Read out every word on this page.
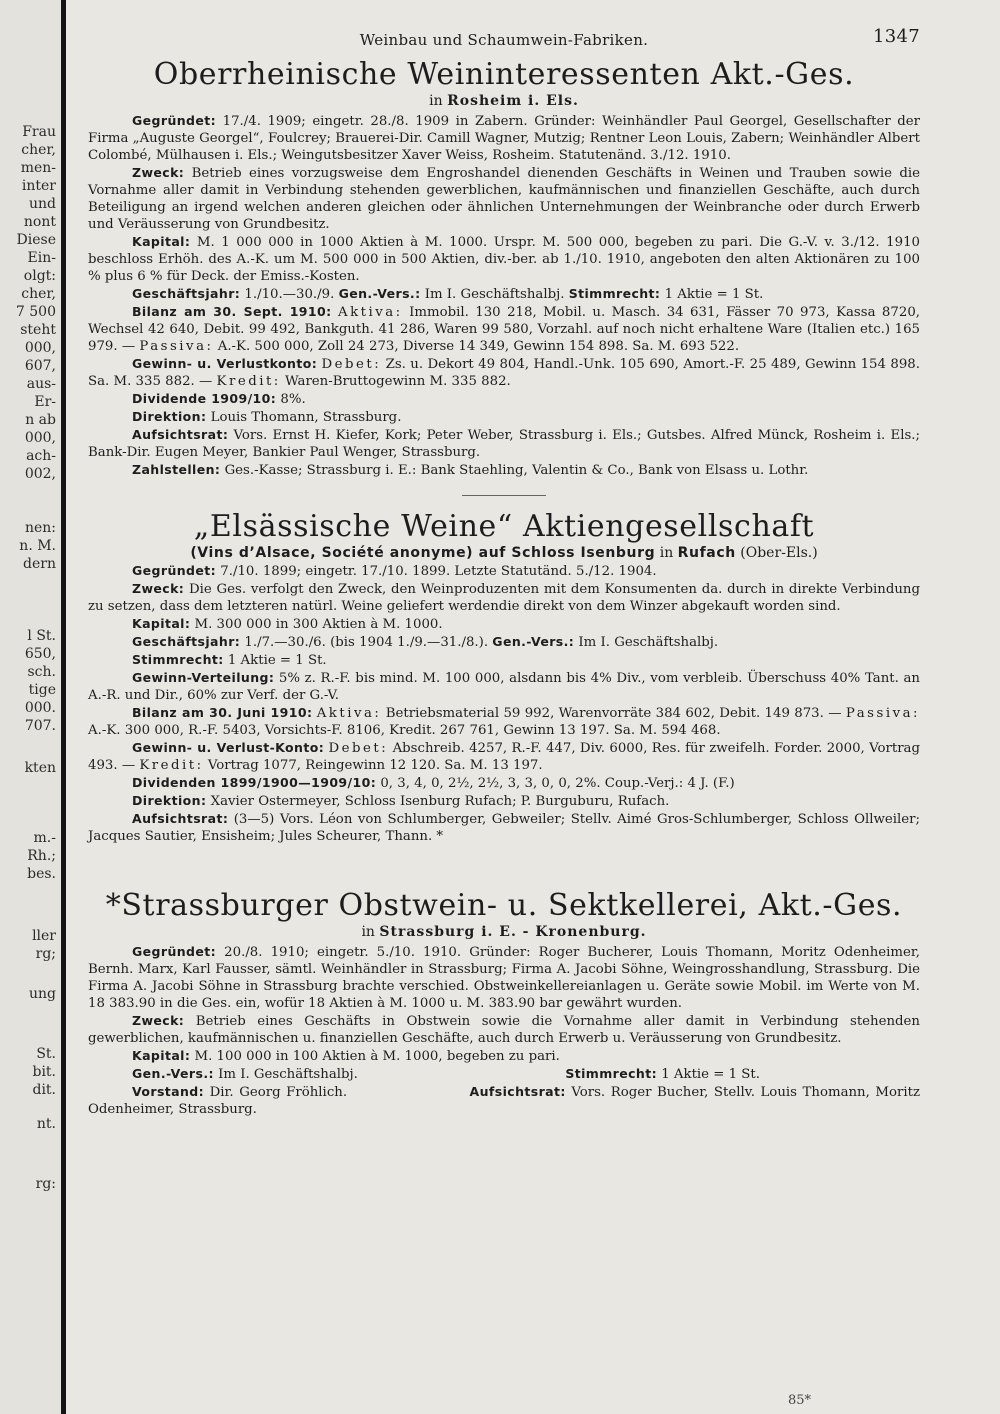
Frau
cher,
men-
inter
und
nont
Diese
Ein-
olgt:
cher,
7 500
steht
000,
607,
aus-
Er-
n ab
000,
ach-
002,
nen:
n. M.
dern
l St.
650,
sch.
tige
000.
707.
kten
m.-
Rh.;
bes.
ller
rg;
ung
St.
bit.
dit.
nt.
rg:
Weinbau und Schaumwein-Fabriken.	1347
Oberrheinische Weininteressenten Akt.-Ges.
in Rosheim i. Els.

Gegründet: 17./4. 1909; eingetr. 28./8. 1909 in Zabern. Gründer: Weinhändler Paul Georgel, Gesellschafter der Firma „Auguste Georgel“, Foulcrey; Brauerei-Dir. Camill Wagner, Mutzig; Rentner Leon Louis, Zabern; Weinhändler Albert Colombé, Mülhausen i. Els.; Weingutsbesitzer Xaver Weiss, Rosheim. Statutenänd. 3./12. 1910.

Zweck: Betrieb eines vorzugsweise dem Engroshandel dienenden Geschäfts in Weinen und Trauben sowie die Vornahme aller damit in Verbindung stehenden gewerblichen, kaufmännischen und finanziellen Geschäfte, auch durch Beteiligung an irgend welchen anderen gleichen oder ähnlichen Unternehmungen der Weinbranche oder durch Erwerb und Veräusserung von Grundbesitz.

Kapital: M. 1 000 000 in 1000 Aktien à M. 1000. Urspr. M. 500 000, begeben zu pari. Die G.-V. v. 3./12. 1910 beschloss Erhöh. des A.-K. um M. 500 000 in 500 Aktien, div.-ber. ab 1./10. 1910, angeboten den alten Aktionären zu 100 % plus 6 % für Deck. der Emiss.-Kosten.

Geschäftsjahr: 1./10.—30./9. Gen.-Vers.: Im I. Geschäftshalbj. Stimmrecht: 1 Aktie = 1 St.

Bilanz am 30. Sept. 1910: Aktiva: Immobil. 130 218, Mobil. u. Masch. 34 631, Fässer 70 973, Kassa 8720, Wechsel 42 640, Debit. 99 492, Bankguth. 41 286, Waren 99 580, Vorzahl. auf noch nicht erhaltene Ware (Italien etc.) 165 979. — Passiva: A.-K. 500 000, Zoll 24 273, Diverse 14 349, Gewinn 154 898. Sa. M. 693 522.

Gewinn- u. Verlustkonto: Debet: Zs. u. Dekort 49 804, Handl.-Unk. 105 690, Amort.-F. 25 489, Gewinn 154 898. Sa. M. 335 882. — Kredit: Waren-Bruttogewinn M. 335 882.

Dividende 1909/10: 8%.

Direktion: Louis Thomann, Strassburg.

Aufsichtsrat: Vors. Ernst H. Kiefer, Kork; Peter Weber, Strassburg i. Els.; Gutsbes. Alfred Münck, Rosheim i. Els.; Bank-Dir. Eugen Meyer, Bankier Paul Wenger, Strassburg.

Zahlstellen: Ges.-Kasse; Strassburg i. E.: Bank Staehling, Valentin & Co., Bank von Elsass u. Lothr.

„Elsässische Weine“ Aktiengesellschaft
(Vins d’Alsace, Société anonyme) auf Schloss Isenburg in Rufach (Ober-Els.)

Gegründet: 7./10. 1899; eingetr. 17./10. 1899. Letzte Statutänd. 5./12. 1904.

Zweck: Die Ges. verfolgt den Zweck, den Weinproduzenten mit dem Konsumenten da. durch in direkte Verbindung zu setzen, dass dem letzteren natürl. Weine geliefert werdendie direkt von dem Winzer abgekauft worden sind.

Kapital: M. 300 000 in 300 Aktien à M. 1000.

Geschäftsjahr: 1./7.—30./6. (bis 1904 1./9.—31./8.). Gen.-Vers.: Im I. Geschäftshalbj.

Stimmrecht: 1 Aktie = 1 St.

Gewinn-Verteilung: 5% z. R.-F. bis mind. M. 100 000, alsdann bis 4% Div., vom verbleib. Überschuss 40% Tant. an A.-R. und Dir., 60% zur Verf. der G.-V.

Bilanz am 30. Juni 1910: Aktiva: Betriebsmaterial 59 992, Warenvorräte 384 602, Debit. 149 873. — Passiva: A.-K. 300 000, R.-F. 5403, Vorsichts-F. 8106, Kredit. 267 761, Gewinn 13 197. Sa. M. 594 468.

Gewinn- u. Verlust-Konto: Debet: Abschreib. 4257, R.-F. 447, Div. 6000, Res. für zweifelh. Forder. 2000, Vortrag 493. — Kredit: Vortrag 1077, Reingewinn 12 120. Sa. M. 13 197.

Dividenden 1899/1900—1909/10: 0, 3, 4, 0, 2½, 2½, 3, 3, 0, 0, 2%. Coup.-Verj.: 4 J. (F.)

Direktion: Xavier Ostermeyer, Schloss Isenburg Rufach; P. Burguburu, Rufach.

Aufsichtsrat: (3—5) Vors. Léon von Schlumberger, Gebweiler; Stellv. Aimé Gros-Schlumberger, Schloss Ollweiler; Jacques Sautier, Ensisheim; Jules Scheurer, Thann. *

*Strassburger Obstwein- u. Sektkellerei, Akt.-Ges.
in Strassburg i. E. - Kronenburg.

Gegründet: 20./8. 1910; eingetr. 5./10. 1910. Gründer: Roger Bucherer, Louis Thomann, Moritz Odenheimer, Bernh. Marx, Karl Fausser, sämtl. Weinhändler in Strassburg; Firma A. Jacobi Söhne, Weingrosshandlung, Strassburg. Die Firma A. Jacobi Söhne in Strassburg brachte verschied. Obstweinkellereianlagen u. Geräte sowie Mobil. im Werte von M. 18 383.90 in die Ges. ein, wofür 18 Aktien à M. 1000 u. M. 383.90 bar gewährt wurden.

Zweck: Betrieb eines Geschäfts in Obstwein sowie die Vornahme aller damit in Verbindung stehenden gewerblichen, kaufmännischen u. finanziellen Geschäfte, auch durch Erwerb u. Veräusserung von Grundbesitz.

Kapital: M. 100 000 in 100 Aktien à M. 1000, begeben zu pari.

Gen.-Vers.: Im I. Geschäftshalbj.	Stimmrecht: 1 Aktie = 1 St.

Vorstand: Dir. Georg Fröhlich.	Aufsichtsrat: Vors. Roger Bucher, Stellv. Louis Thomann, Moritz Odenheimer, Strassburg.

85*
